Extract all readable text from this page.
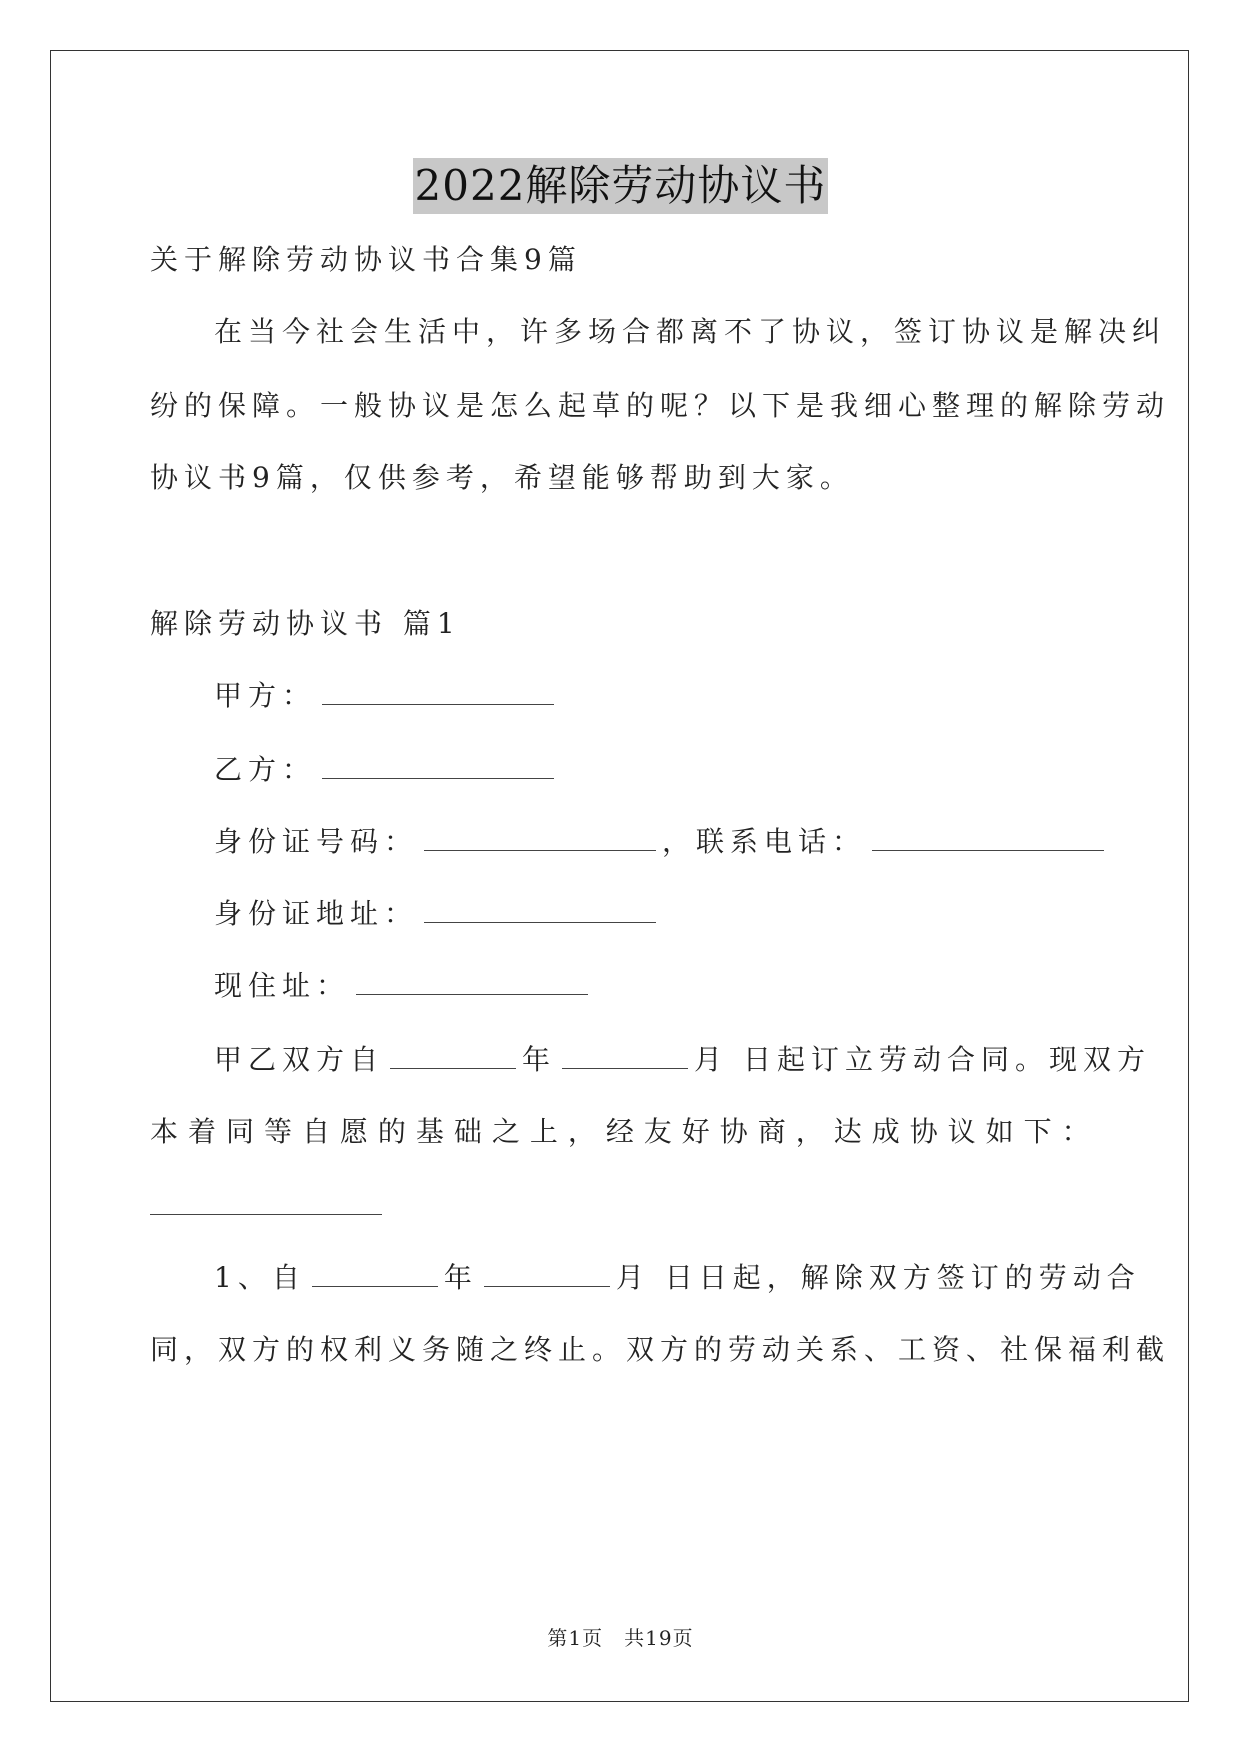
2022解除劳动协议书
关于解除劳动协议书合集9篇
在当今社会生活中，许多场合都离不了协议，签订协议是解决纠
纷的保障。一般协议是怎么起草的呢？以下是我细心整理的解除劳动
协议书9篇，仅供参考，希望能够帮助到大家。
解除劳动协议书 篇1
甲方：
乙方：
身份证号码：	，联系电话：
身份证地址：
现住址：
甲乙双方自	年	月 日起订立劳动合同。现双方
本 着 同 等 自 愿 的 基 础 之 上 ， 经 友 好 协 商 ， 达 成 协 议 如 下 ：
1、自	年	月 日日起，解除双方签订的劳动合
同，双方的权利义务随之终止。双方的劳动关系、工资、社保福利截
第1页　共19页
